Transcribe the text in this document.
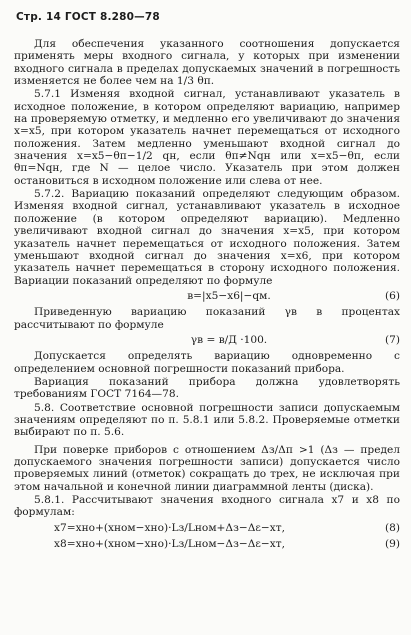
Стр. 14 ГОСТ 8.280—78

Для обеспечения указанного соотношения допускается применять меры входного сигнала, у которых при изменении входного сигнала в пределах допускаемых значений в погрешность изменяется не более чем на 1/3 θп.

5.7.1 Изменяя входной сигнал, устанавливают указатель в исходное положение, в котором определяют вариацию, например на проверяемую отметку, и медленно его увеличивают до значения x=x5, при котором указатель начнет перемещаться от исходного положения. Затем медленно уменьшают входной сигнал до значения x=x5−θп−1/2 qн, если θп≠Nqн или x=x5−θп, если θп=Nqн, где N — целое число. Указатель при этом должен остановиться в исходном положение или слева от нее.

5.7.2. Вариацию показаний определяют следующим образом. Изменяя входной сигнал, устанавливают указатель в исходное положение (в котором определяют вариацию). Медленно увеличивают входной сигнал до значения x=x5, при котором указатель начнет перемещаться от исходного положения. Затем уменьшают входной сигнал до значения x=x6, при котором указатель начнет перемещаться в сторону исходного положения. Вариации показаний определяют по формуле

в=|x5−x6|−qм.	(6)

Приведенную вариацию показаний γв в процентах рассчитывают по формуле

γв = в/Д ·100.	(7)

Допускается определять вариацию одновременно с определением основной погрешности показаний прибора.

Вариация показаний прибора должна удовлетворять требованиям ГОСТ 7164—78.

5.8. Соответствие основной погрешности записи допускаемым значениям определяют по п. 5.8.1 или 5.8.2. Проверяемые отметки выбирают по п. 5.6.

При поверке приборов с отношением Δз/Δп >1 (Δз — предел допускаемого значения погрешности записи) допускается число проверяемых линий (отметок) сокращать до трех, не исключая при этом начальной и конечной линии диаграммной ленты (диска).

5.8.1. Рассчитывают значения входного сигнала x7 и x8 по формулам:

x7=xно+(xном−xно)·Lз/Lном+Δз−Δε−xт,	(8)
x8=xно+(xном−xно)·Lз/Lном−Δз−Δε−xт,	(9)
